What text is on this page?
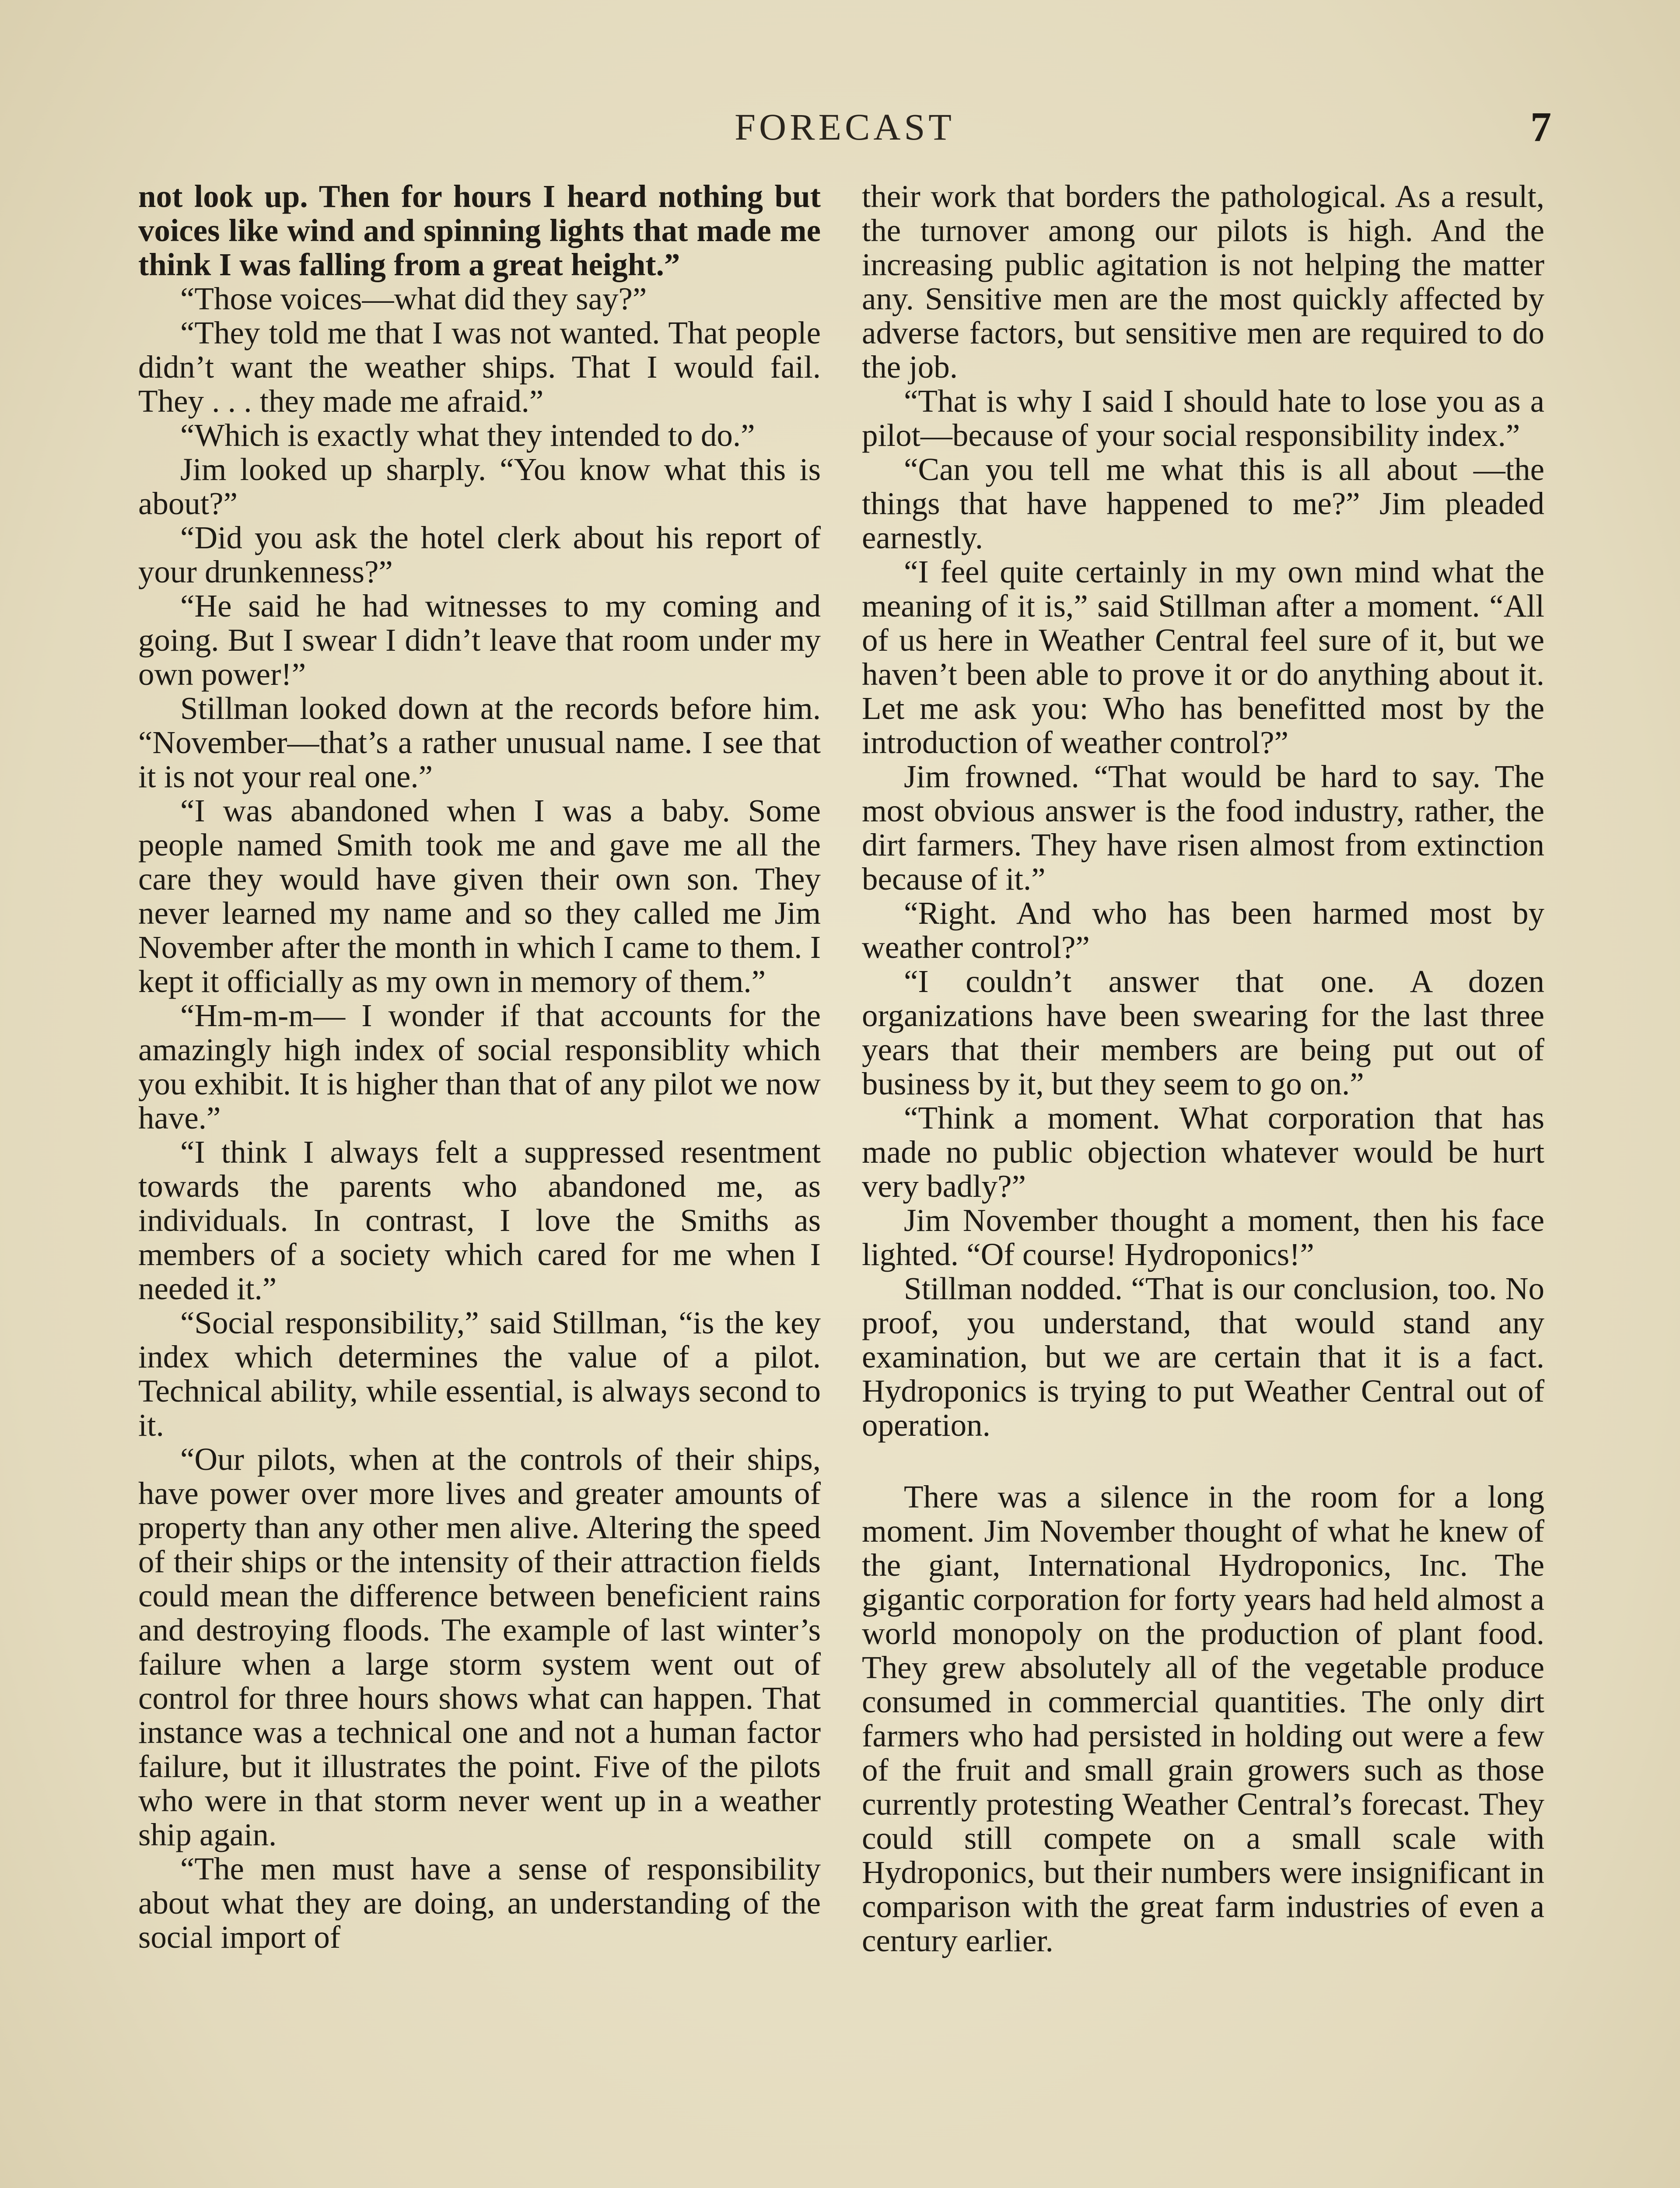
FORECAST	7

not look up. Then for hours I heard nothing but voices like wind and spinning lights that made me think I was falling from a great height.”

“Those voices—what did they say?”

“They told me that I was not wanted. That people didn’t want the weather ships. That I would fail. They . . . they made me afraid.”

“Which is exactly what they intended to do.”

Jim looked up sharply. “You know what this is about?”

“Did you ask the hotel clerk about his report of your drunkenness?”

“He said he had witnesses to my coming and going. But I swear I didn’t leave that room under my own power!”

Stillman looked down at the records before him. “November—that’s a rather unusual name. I see that it is not your real one.”

“I was abandoned when I was a baby. Some people named Smith took me and gave me all the care they would have given their own son. They never learned my name and so they called me Jim November after the month in which I came to them. I kept it officially as my own in memory of them.”

“Hm-m-m— I wonder if that accounts for the amazingly high index of social responsiblity which you exhibit. It is higher than that of any pilot we now have.”

“I think I always felt a suppressed resentment towards the parents who abandoned me, as individuals. In contrast, I love the Smiths as members of a society which cared for me when I needed it.”

“Social responsibility,” said Stillman, “is the key index which determines the value of a pilot. Technical ability, while essential, is always second to it.

“Our pilots, when at the controls of their ships, have power over more lives and greater amounts of property than any other men alive. Altering the speed of their ships or the intensity of their attraction fields could mean the difference between beneficient rains and destroying floods. The example of last winter’s failure when a large storm system went out of control for three hours shows what can happen. That instance was a technical one and not a human factor failure, but it illustrates the point. Five of the pilots who were in that storm never went up in a weather ship again.

“The men must have a sense of responsibility about what they are doing, an understanding of the social import of

their work that borders the pathological. As a result, the turnover among our pilots is high. And the increasing public agitation is not helping the matter any. Sensitive men are the most quickly affected by adverse factors, but sensitive men are required to do the job.

“That is why I said I should hate to lose you as a pilot—because of your social responsibility index.”

“Can you tell me what this is all about —the things that have happened to me?” Jim pleaded earnestly.

“I feel quite certainly in my own mind what the meaning of it is,” said Stillman after a moment. “All of us here in Weather Central feel sure of it, but we haven’t been able to prove it or do anything about it. Let me ask you: Who has benefitted most by the introduction of weather control?”

Jim frowned. “That would be hard to say. The most obvious answer is the food industry, rather, the dirt farmers. They have risen almost from extinction because of it.”

“Right. And who has been harmed most by weather control?”

“I couldn’t answer that one. A dozen organizations have been swearing for the last three years that their members are being put out of business by it, but they seem to go on.”

“Think a moment. What corporation that has made no public objection whatever would be hurt very badly?”

Jim November thought a moment, then his face lighted. “Of course! Hydroponics!”

Stillman nodded. “That is our conclusion, too. No proof, you understand, that would stand any examination, but we are certain that it is a fact. Hydroponics is trying to put Weather Central out of operation.

There was a silence in the room for a long moment. Jim November thought of what he knew of the giant, International Hydroponics, Inc. The gigantic corporation for forty years had held almost a world monopoly on the production of plant food. They grew absolutely all of the vegetable produce consumed in commercial quantities. The only dirt farmers who had persisted in holding out were a few of the fruit and small grain growers such as those currently protesting Weather Central’s forecast. They could still compete on a small scale with Hydroponics, but their numbers were insignificant in comparison with the great farm industries of even a century earlier.
